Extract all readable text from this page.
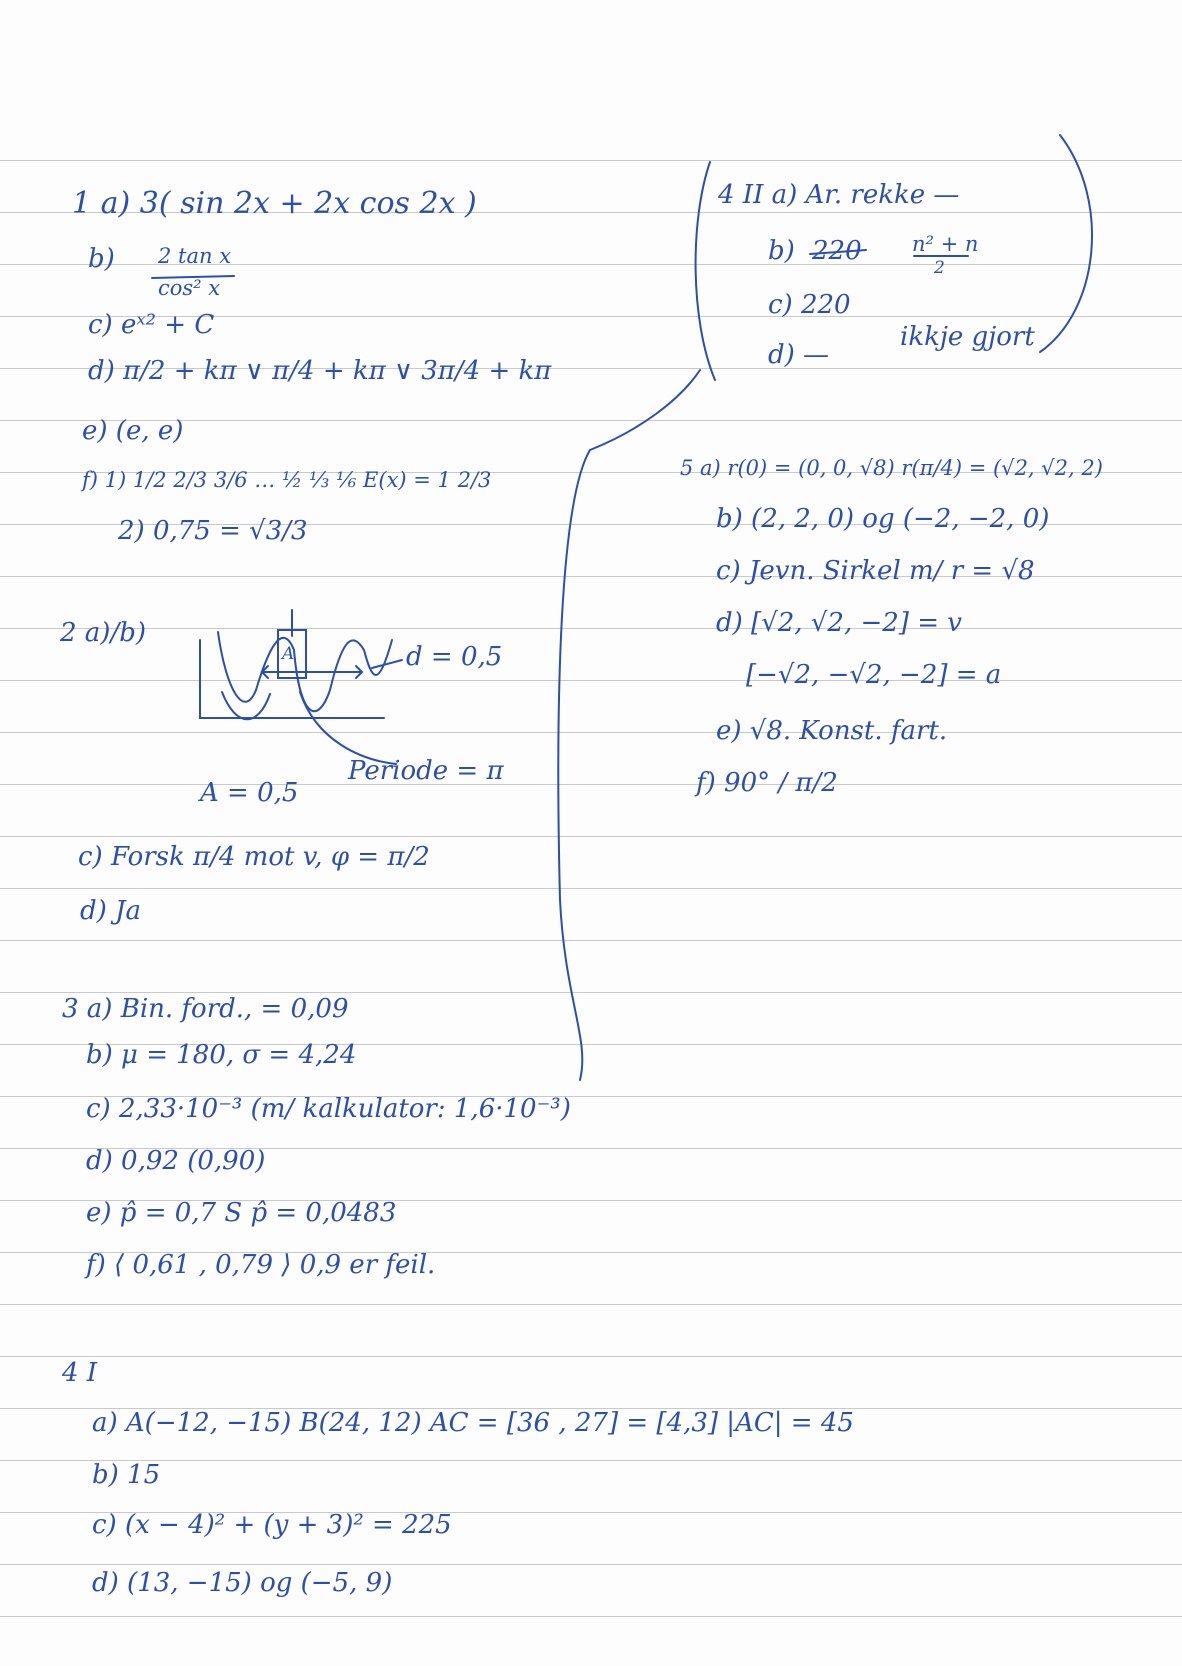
1 a) 3( sin 2x + 2x cos 2x )
b) 2 tan x
cos² x
c) eˣ² + C
d) π/2 + kπ ∨ π/4 + kπ ∨ 3π/4 + kπ
e) (e, e)
f) 1) 1/2 2/3 3/6 … ½ ⅓ ⅙ E(x) = 1 2/3
2) 0,75 = √3/3
2 a)/b)
A	d = 0,5
Periode = π
A = 0,5
c) Forsk π/4 mot v, φ = π/2
d) Ja
3 a) Bin. ford., = 0,09
b) μ = 180, σ = 4,24
c) 2,33·10⁻³ (m/ kalkulator: 1,6·10⁻³)
d) 0,92 (0,90)
e) p̂ = 0,7 S p̂ = 0,0483
f) ⟨ 0,61 , 0,79 ⟩ 0,9 er feil.
4 I
a) A(−12, −15) B(24, 12) AC = [36 , 27] = [4,3] |AC| = 45
b) 15
c) (x − 4)² + (y + 3)² = 225
d) (13, −15) og (−5, 9)
4 II a) Ar. rekke —
b) 220 n² + n
2
c) 220
d) —
ikkje gjort
5 a) r(0) = (0, 0, √8) r(π/4) = (√2, √2, 2)
b) (2, 2, 0) og (−2, −2, 0)
c) Jevn. Sirkel m/ r = √8
d) [√2, √2, −2] = v
[−√2, −√2, −2] = a
e) √8. Konst. fart.
f) 90° / π/2
